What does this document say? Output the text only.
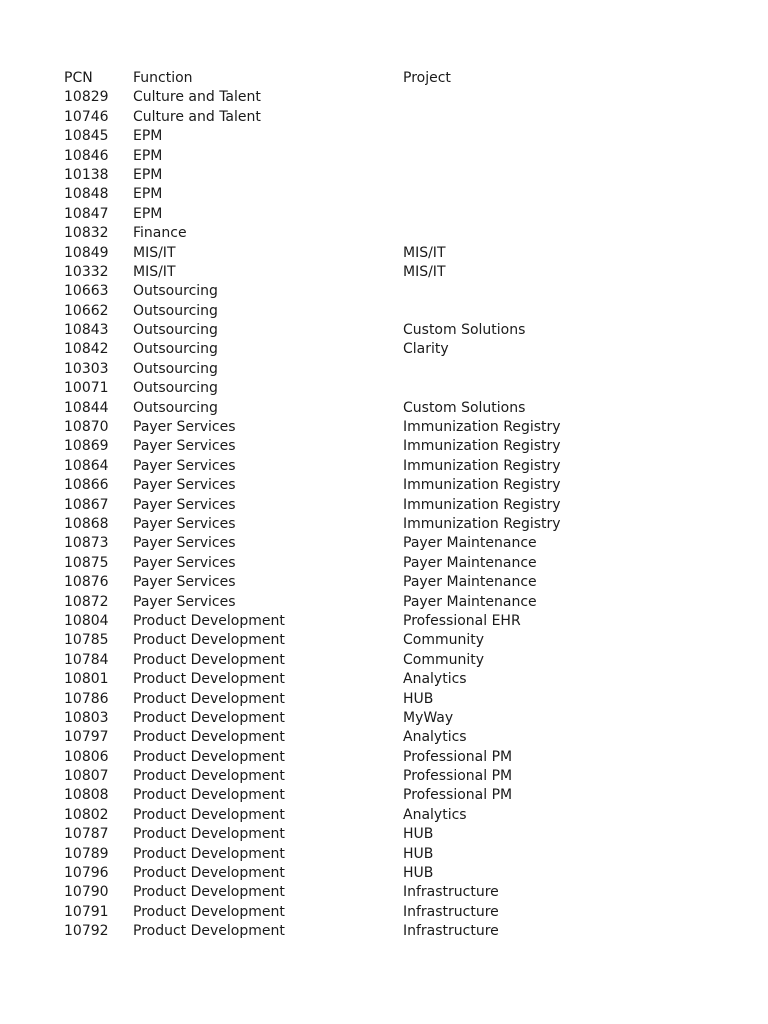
PCN	Function	Project
10829	Culture and Talent
10746	Culture and Talent
10845	EPM
10846	EPM
10138	EPM
10848	EPM
10847	EPM
10832	Finance
10849	MIS/IT	MIS/IT
10332	MIS/IT	MIS/IT
10663	Outsourcing
10662	Outsourcing
10843	Outsourcing	Custom Solutions
10842	Outsourcing	Clarity
10303	Outsourcing
10071	Outsourcing
10844	Outsourcing	Custom Solutions
10870	Payer Services	Immunization Registry
10869	Payer Services	Immunization Registry
10864	Payer Services	Immunization Registry
10866	Payer Services	Immunization Registry
10867	Payer Services	Immunization Registry
10868	Payer Services	Immunization Registry
10873	Payer Services	Payer Maintenance
10875	Payer Services	Payer Maintenance
10876	Payer Services	Payer Maintenance
10872	Payer Services	Payer Maintenance
10804	Product Development	Professional EHR
10785	Product Development	Community
10784	Product Development	Community
10801	Product Development	Analytics
10786	Product Development	HUB
10803	Product Development	MyWay
10797	Product Development	Analytics
10806	Product Development	Professional PM
10807	Product Development	Professional PM
10808	Product Development	Professional PM
10802	Product Development	Analytics
10787	Product Development	HUB
10789	Product Development	HUB
10796	Product Development	HUB
10790	Product Development	Infrastructure
10791	Product Development	Infrastructure
10792	Product Development	Infrastructure
